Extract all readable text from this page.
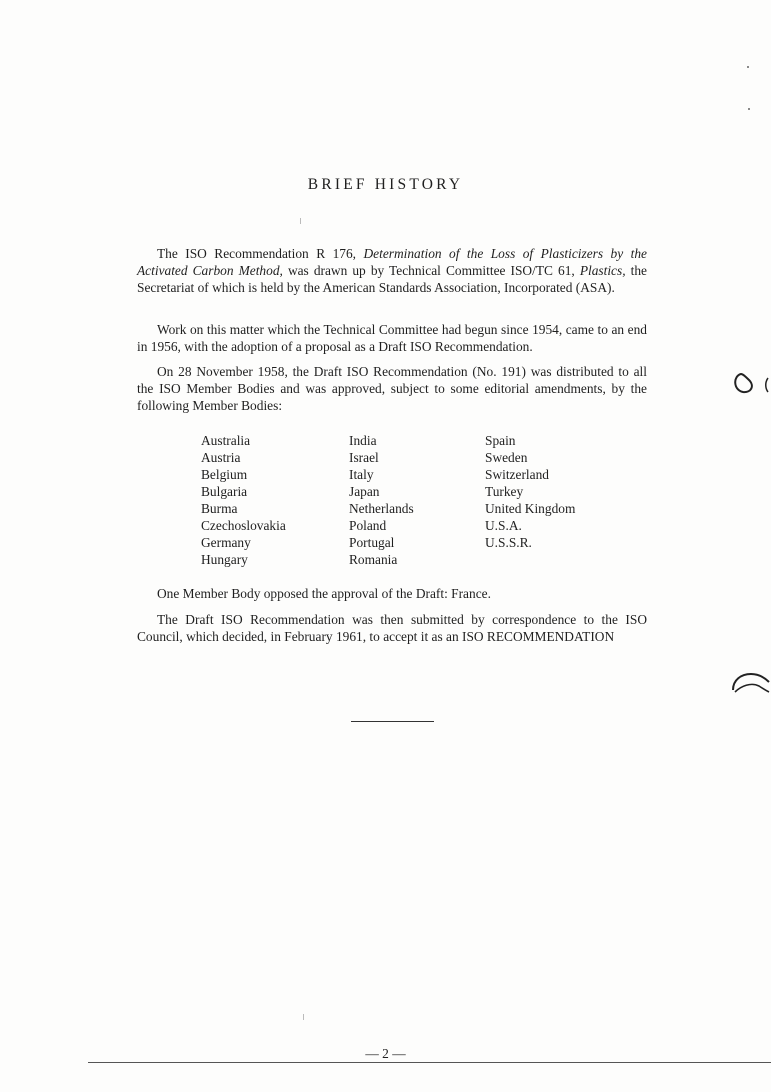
BRIEF HISTORY

The ISO Recommendation R 176, Determination of the Loss of Plasticizers by the Activated Carbon Method, was drawn up by Technical Committee ISO/TC 61, Plastics, the Secretariat of which is held by the American Standards Association, Incorporated (ASA).

Work on this matter which the Technical Committee had begun since 1954, came to an end in 1956, with the adoption of a proposal as a Draft ISO Recommendation.

On 28 November 1958, the Draft ISO Recommendation (No. 191) was distributed to all the ISO Member Bodies and was approved, subject to some editorial amendments, by the following Member Bodies:

Australia
Austria
Belgium
Bulgaria
Burma
Czechoslovakia
Germany
Hungary
India
Israel
Italy
Japan
Netherlands
Poland
Portugal
Romania
Spain
Sweden
Switzerland
Turkey
United Kingdom
U.S.A.
U.S.S.R.

One Member Body opposed the approval of the Draft: France.

The Draft ISO Recommendation was then submitted by correspondence to the ISO Council, which decided, in February 1961, to accept it as an ISO RECOMMENDATION

— 2 —
